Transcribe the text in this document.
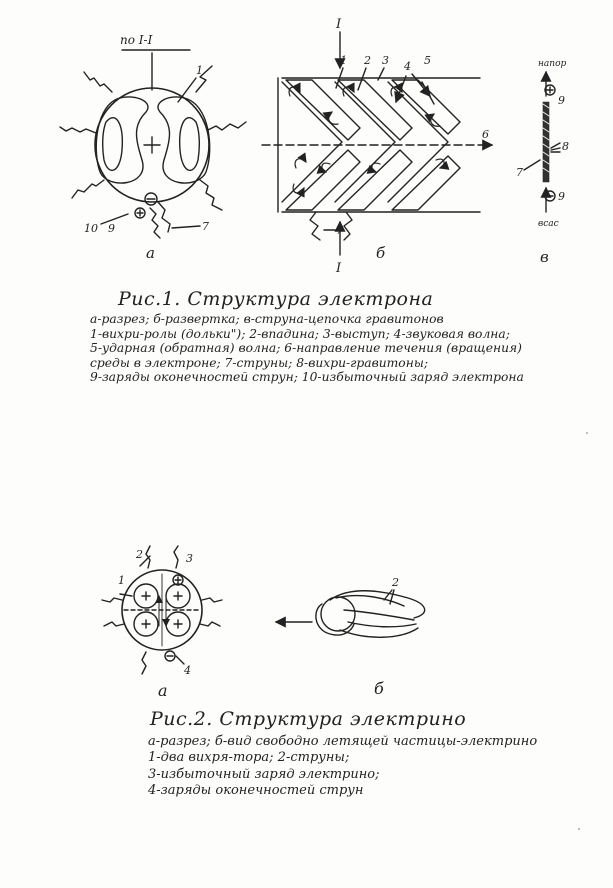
по I-I
I
I
1
1 2 3 4 5
6
7	7
7
8
9
9
9
10
а	б	в
напор
вcас
1
2	3
4
2
а	б
Рис.1. Структура электрона
а-разрез; б-развертка; в-струна-цепочка гравитонов
1-вихри-ролы (дольки"); 2-впадина; 3-выступ; 4-звуковая волна;
5-ударная (обратная) волна; 6-направление течения (вращения)
среды в электроне; 7-струны; 8-вихри-гравитоны;
9-заряды оконечностей струн; 10-избыточный заряд электрона
Рис.2. Структура электрино
а-разрез; б-вид свободно летящей частицы-электрино
1-два вихря-тора; 2-струны;
3-избыточный заряд электрино;
4-заряды оконечностей струн
